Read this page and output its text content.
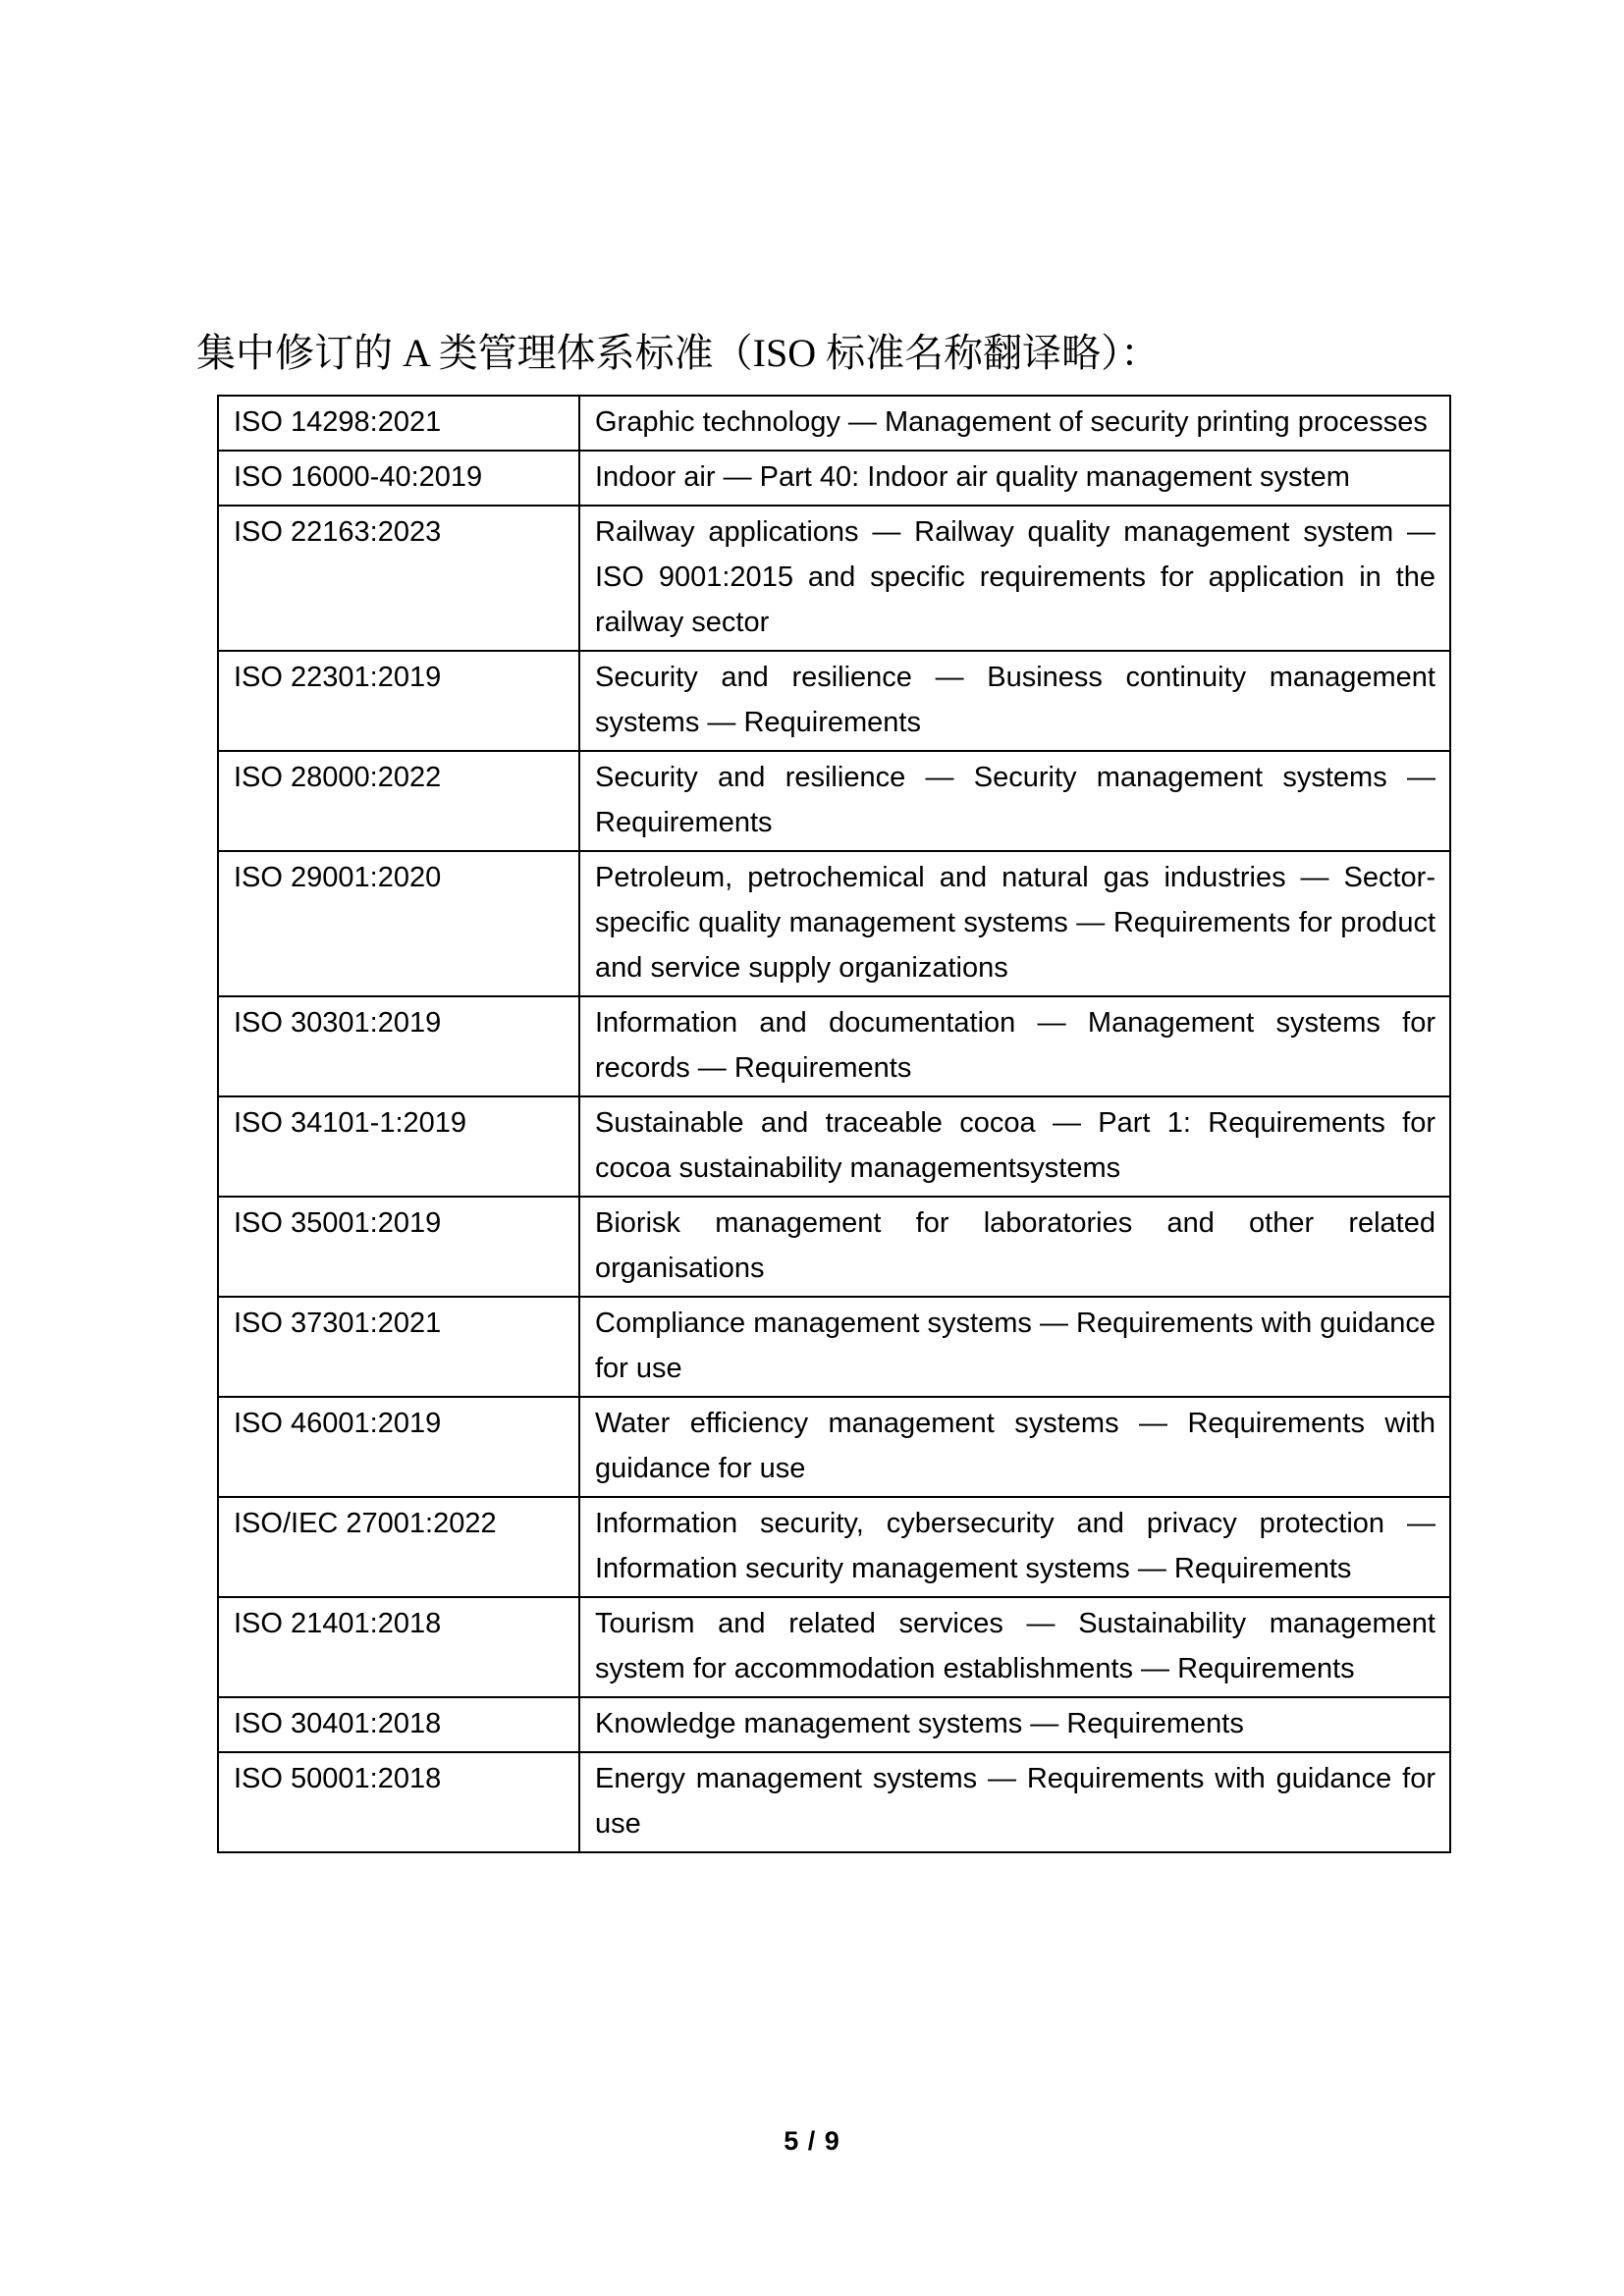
集中修订的 A 类管理体系标准（ISO 标准名称翻译略）：
ISO 14298:2021	Graphic technology — Management of security printing processes
ISO 16000-40:2019	Indoor air — Part 40: Indoor air quality management system
ISO 22163:2023	Railway applications — Railway quality management system — ISO 9001:2015 and specific requirements for application in the railway sector
ISO 22301:2019	Security and resilience — Business continuity management systems — Requirements
ISO 28000:2022	Security and resilience — Security management systems — Requirements
ISO 29001:2020	Petroleum, petrochemical and natural gas industries — Sector-specific quality management systems — Requirements for product and service supply organizations
ISO 30301:2019	Information and documentation — Management systems for records — Requirements
ISO 34101-1:2019	Sustainable and traceable cocoa — Part 1: Requirements for cocoa sustainability managementsystems
ISO 35001:2019	Biorisk management for laboratories and other related organisations
ISO 37301:2021	Compliance management systems — Requirements with guidance for use
ISO 46001:2019	Water efficiency management systems — Requirements with guidance for use
ISO/IEC 27001:2022	Information security, cybersecurity and privacy protection — Information security management systems — Requirements
ISO 21401:2018	Tourism and related services — Sustainability management system for accommodation establishments — Requirements
ISO 30401:2018	Knowledge management systems — Requirements
ISO 50001:2018	Energy management systems — Requirements with guidance for use
5 / 9
